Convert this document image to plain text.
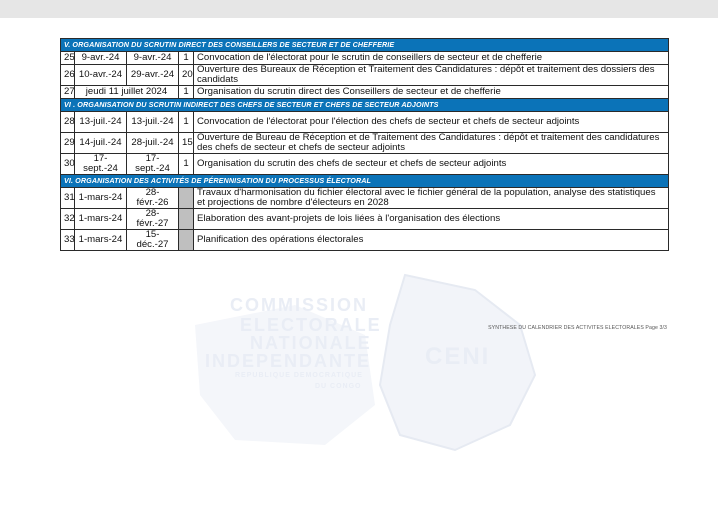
COMMISSION
ELECTORALE
NATIONALE
INDEPENDANTE
REPUBLIQUE DEMOCRATIQUE
DU CONGO
CENI
V. ORGANISATION DU SCRUTIN DIRECT DES CONSEILLERS DE SECTEUR ET DE CHEFFERIE				
25	9-avr.-24	9-avr.-24	1	Convocation de l'électorat pour le scrutin de conseillers de secteur et de chefferie
26	10-avr.-24	29-avr.-24	20	Ouverture des Bureaux de Réception et Traitement des Candidatures : dépôt et traitement des dossiers des candidats
27	jeudi 11 juillet 2024		1	Organisation du scrutin direct des Conseillers de secteur et de chefferie
VI . ORGANISATION DU SCRUTIN INDIRECT DES CHEFS DE SECTEUR ET CHEFS DE SECTEUR ADJOINTS				
28	13-juil.-24	13-juil.-24	1	Convocation de l'électorat pour l'élection des chefs de secteur et chefs de secteur adjoints
29	14-juil.-24	28-juil.-24	15	Ouverture de Bureau de Réception et de Traitement des Candidatures : dépôt et traitement des candidatures des chefs de secteur et chefs de secteur adjoints
30	17-sept.-24	17-sept.-24	1	Organisation du scrutin des chefs de secteur et chefs de secteur adjoints
VI. ORGANISATION DES ACTIVITÉS DE PÉRENNISATION DU PROCESSUS ÉLECTORAL				
31	1-mars-24	28-févr.-26		Travaux d'harmonisation du fichier électoral avec le fichier général de la population, analyse des statistiques et projections de nombre d'électeurs en 2028
32	1-mars-24	28-févr.-27		Elaboration des avant-projets de lois liées à l'organisation des élections
33	1-mars-24	15-déc.-27		Planification des opérations électorales
SYNTHESE DU CALENDRIER DES ACTIVITES ELECTORALES Page 3/3
